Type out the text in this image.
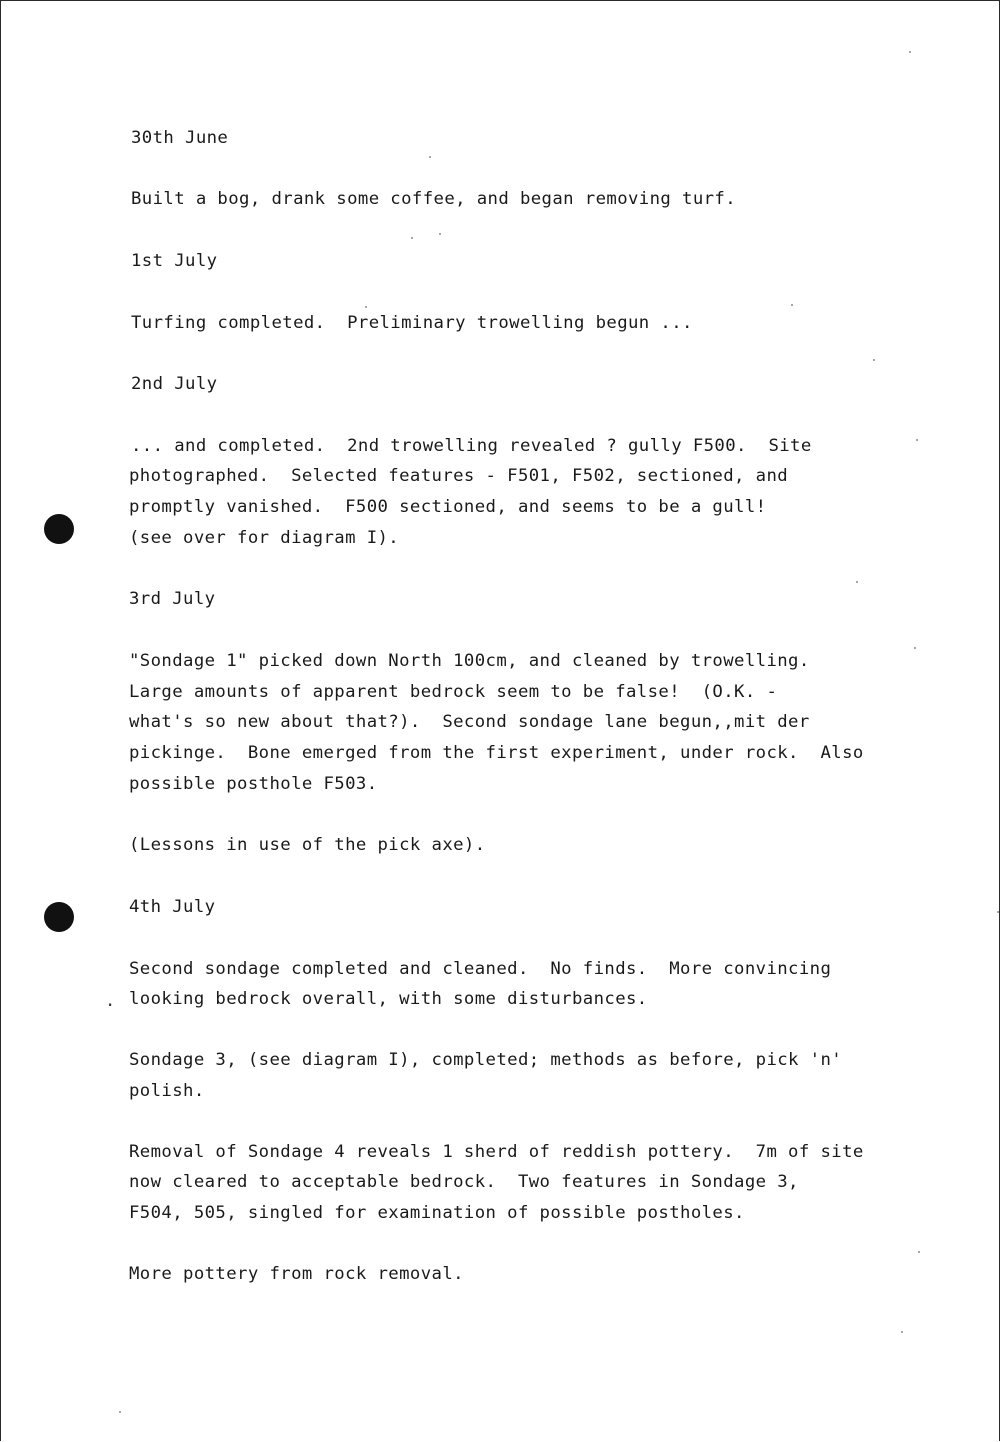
.
30th June
Built a bog, drank some coffee, and began removing turf.
1st July
Turfing completed.  Preliminary trowelling begun ...
2nd July
... and completed.  2nd trowelling revealed ? gully F500.  Site
photographed.  Selected features - F501, F502, sectioned, and
promptly vanished.  F500 sectioned, and seems to be a gull!
(see over for diagram I).
3rd July
"Sondage 1" picked down North 100cm, and cleaned by trowelling.
Large amounts of apparent bedrock seem to be false!  (O.K. -
what's so new about that?).  Second sondage lane begun,,mit der
pickinge.  Bone emerged from the first experiment, under rock.  Also
possible posthole F503.
(Lessons in use of the pick axe).
4th July
Second sondage completed and cleaned.  No finds.  More convincing
looking bedrock overall, with some disturbances.
Sondage 3, (see diagram I), completed; methods as before, pick 'n'
polish.
Removal of Sondage 4 reveals 1 sherd of reddish pottery.  7m of site
now cleared to acceptable bedrock.  Two features in Sondage 3,
F504, 505, singled for examination of possible postholes.
More pottery from rock removal.
